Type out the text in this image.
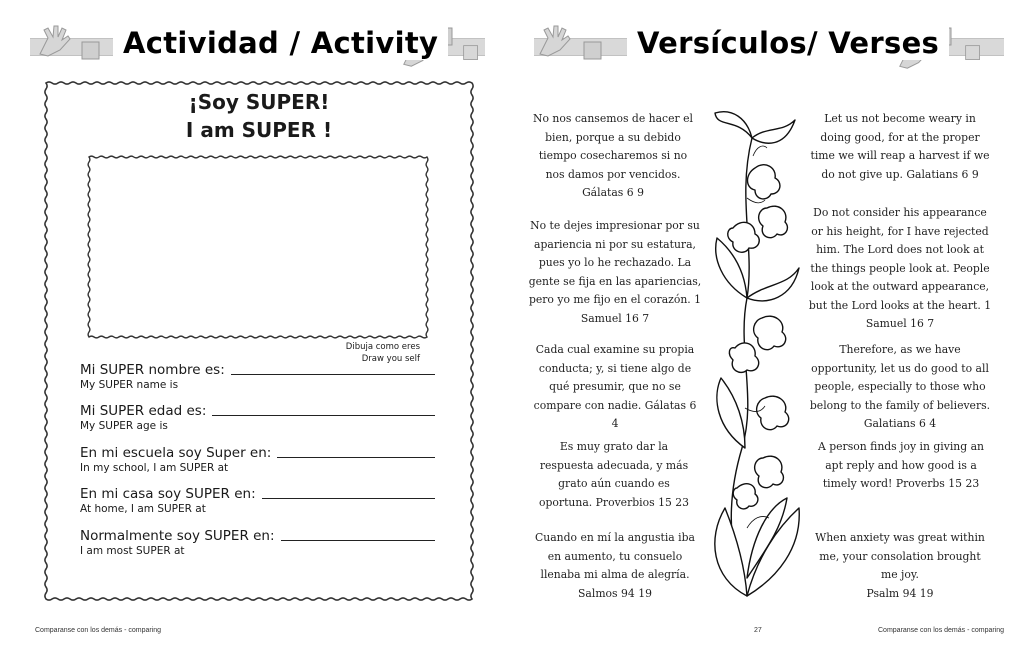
Actividad / Activity
¡Soy SUPER!
I am SUPER !
Dibuja como eres
Draw you self
Mi SUPER nombre es:
My SUPER name is
Mi SUPER edad es:
My SUPER age is
En mi escuela soy Super en:
In my school, I am SUPER at
En mi casa soy SUPER en:
At home, I am SUPER at
Normalmente soy SUPER en:
I am most SUPER at
Comparanse con los demás - comparing
Versículos/ Verses
No nos cansemos de hacer el bien, porque a su debido tiempo cosecharemos si no nos damos por vencidos. Gálatas 6 9
No te dejes impresionar por su apariencia ni por su estatura, pues yo lo he rechazado. La gente se fija en las apariencias, pero yo me fijo en el corazón. 1 Samuel 16 7
Cada cual examine su propia conducta; y, si tiene algo de qué presumir, que no se compare con nadie. Gálatas 6 4
Es muy grato dar la respuesta adecuada, y más grato aún cuando es oportuna. Proverbios 15 23
Cuando en mí la angustia iba en aumento, tu consuelo llenaba mi alma de alegría.
Salmos 94 19
Let us not become weary in doing good, for at the proper time we will reap a harvest if we do not give up. Galatians 6 9
Do not consider his appearance or his height, for I have rejected him. The Lord does not look at the things people look at. People look at the outward appearance, but the Lord looks at the heart. 1 Samuel 16 7
Therefore, as we have opportunity, let us do good to all people, especially to those who belong to the family of believers. Galatians 6 4
A person finds joy in giving an apt reply and how good is a timely word! Proverbs 15 23
When anxiety was great within me, your consolation brought me joy.
Psalm 94 19
27	Comparanse con los demás - comparing
